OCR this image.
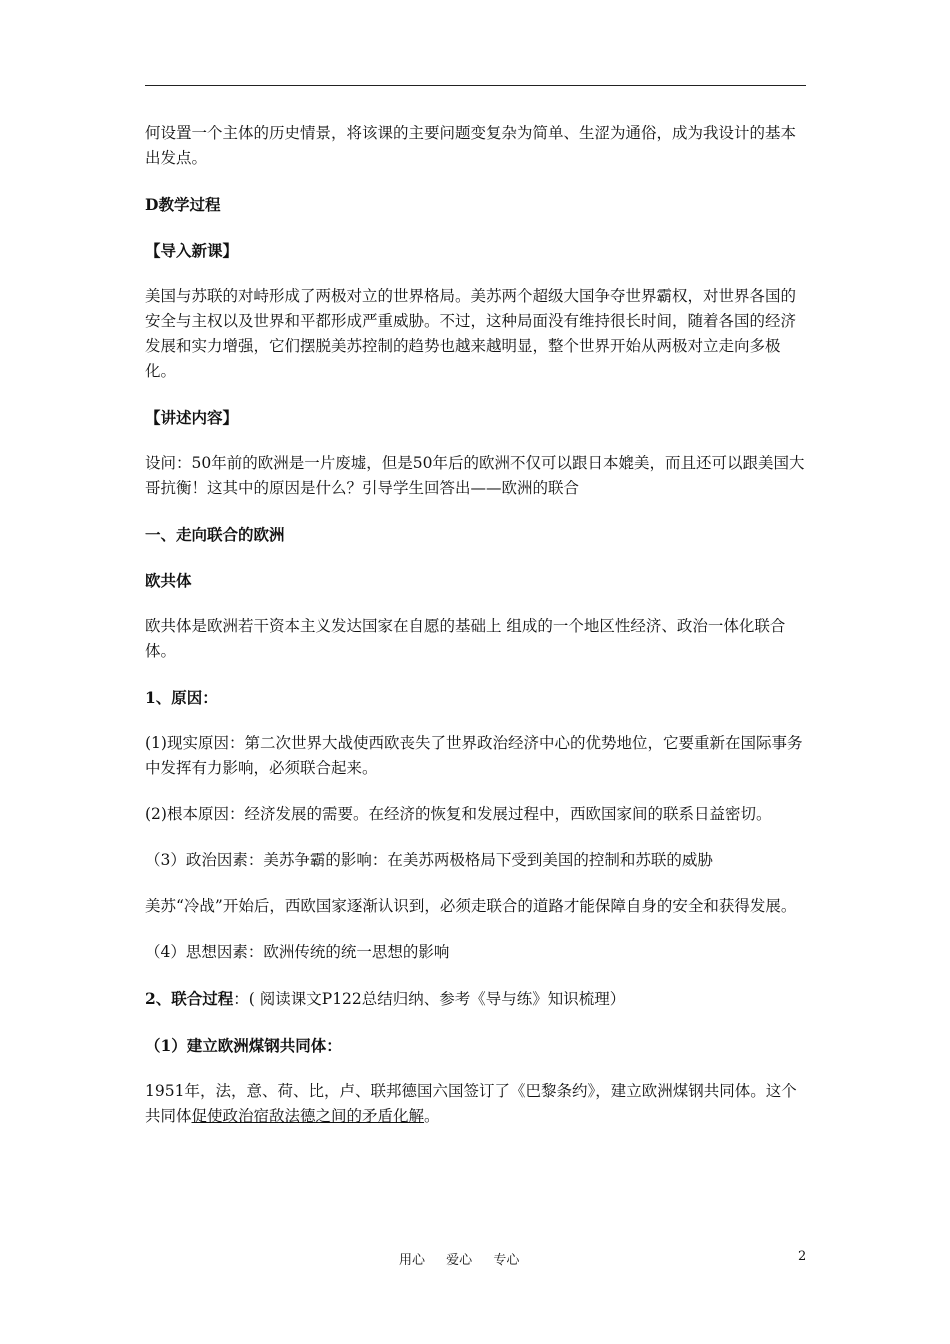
何设置一个主体的历史情景，将该课的主要问题变复杂为简单、生涩为通俗，成为我设计的基本出发点。

D教学过程

【导入新课】

美国与苏联的对峙形成了两极对立的世界格局。美苏两个超级大国争夺世界霸权，对世界各国的安全与主权以及世界和平都形成严重威胁。不过，这种局面没有维持很长时间，随着各国的经济发展和实力增强，它们摆脱美苏控制的趋势也越来越明显，整个世界开始从两极对立走向多极化。

【讲述内容】

设问：50年前的欧洲是一片废墟，但是50年后的欧洲不仅可以跟日本媲美，而且还可以跟美国大哥抗衡！这其中的原因是什么？引导学生回答出——欧洲的联合

一、走向联合的欧洲

欧共体

欧共体是欧洲若干资本主义发达国家在自愿的基础上 组成的一个地区性经济、政治一体化联合体。

1、原因：

(1)现实原因：第二次世界大战使西欧丧失了世界政治经济中心的优势地位，它要重新在国际事务中发挥有力影响，必须联合起来。

(2)根本原因：经济发展的需要。在经济的恢复和发展过程中，西欧国家间的联系日益密切。

（3）政治因素：美苏争霸的影响：在美苏两极格局下受到美国的控制和苏联的威胁

美苏“冷战”开始后，西欧国家逐渐认识到，必须走联合的道路才能保障自身的安全和获得发展。

（4）思想因素：欧洲传统的统一思想的影响

2、联合过程：( 阅读课文P122总结归纳、参考《导与练》知识梳理）

（1）建立欧洲煤钢共同体：

1951年，法，意、荷、比，卢、联邦德国六国签订了《巴黎条约》，建立欧洲煤钢共同体。这个共同体促使政治宿敌法德之间的矛盾化解。

用心 爱心 专心	2
